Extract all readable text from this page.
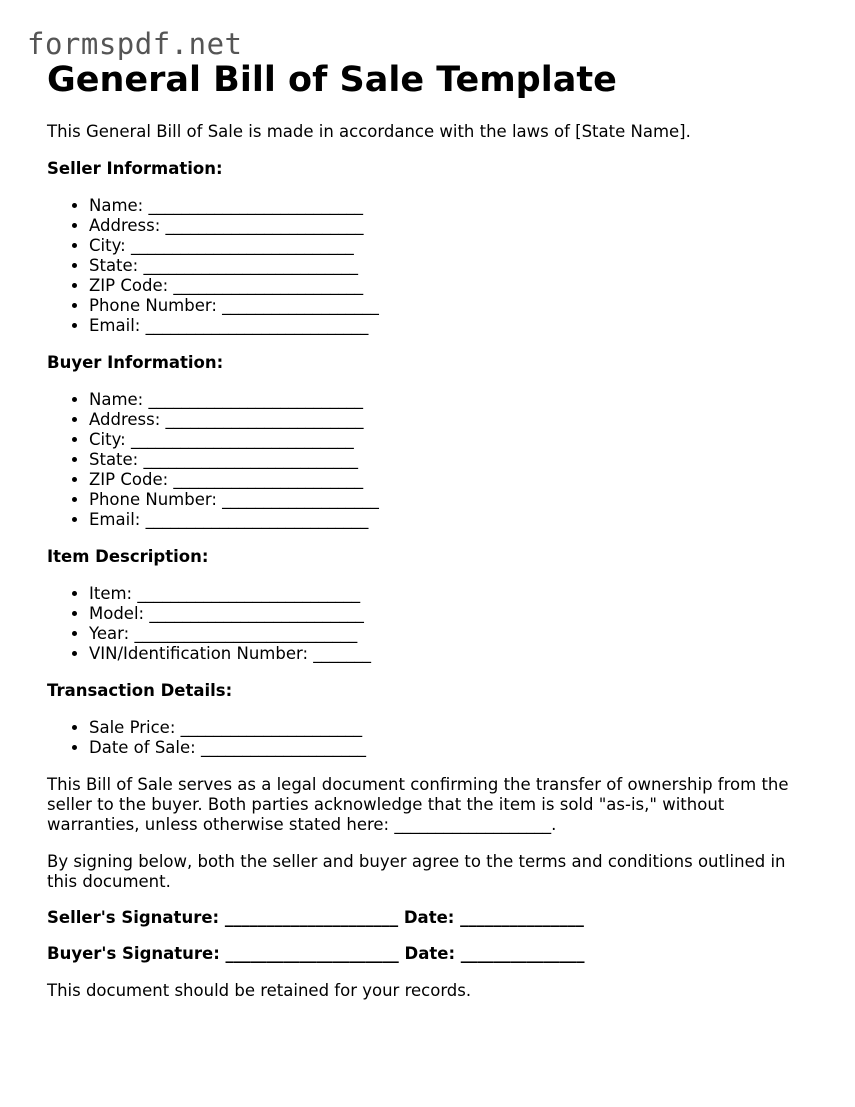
formspdf.net
General Bill of Sale Template

This General Bill of Sale is made in accordance with the laws of [State Name].

Seller Information:
• Name: __________________________
• Address: ________________________
• City: ___________________________
• State: __________________________
• ZIP Code: _______________________
• Phone Number: ___________________
• Email: ___________________________
Buyer Information:
• Name: __________________________
• Address: ________________________
• City: ___________________________
• State: __________________________
• ZIP Code: _______________________
• Phone Number: ___________________
• Email: ___________________________
Item Description:
• Item: ___________________________
• Model: __________________________
• Year: ___________________________
• VIN/Identification Number: _______
Transaction Details:
• Sale Price: ______________________
• Date of Sale: ____________________

This Bill of Sale serves as a legal document confirming the transfer of ownership from the seller to the buyer. Both parties acknowledge that the item is sold "as-is," without warranties, unless otherwise stated here: ___________________.

By signing below, both the seller and buyer agree to the terms and conditions outlined in this document.

Seller's Signature: _____________________ Date: _______________
Buyer's Signature: _____________________ Date: _______________

This document should be retained for your records.
